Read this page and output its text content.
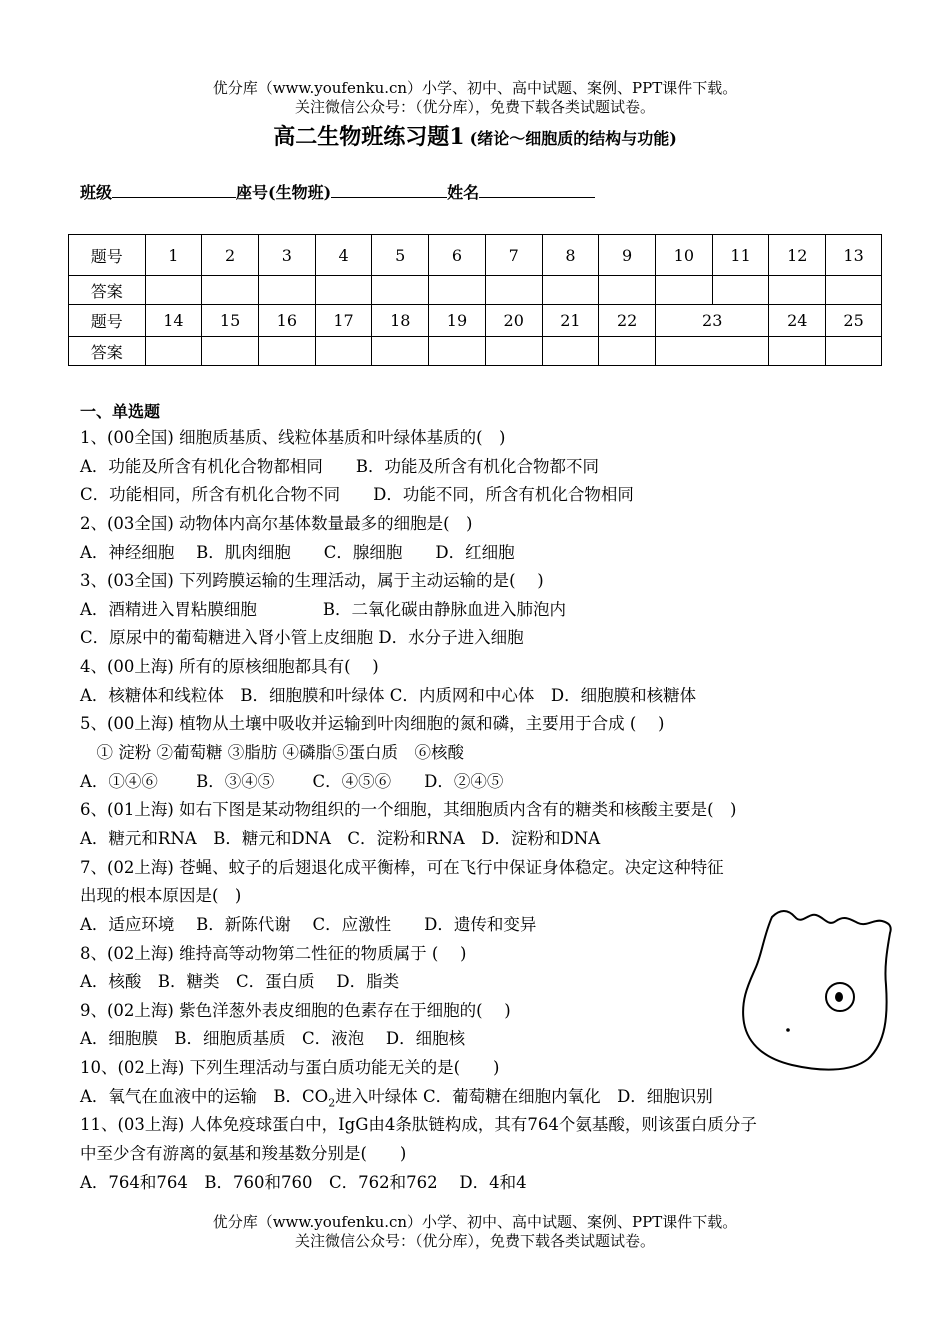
优分库（www.youfenku.cn）小学、初中、高中试题、案例、PPT课件下载。
关注微信公众号：（优分库），免费下载各类试题试卷。
高二生物班练习题1 (绪论～细胞质的结构与功能)
班级	座号(生物班)	姓名
题号	1	2	3	4	5	6	7	8	9	10	11	12	13
答案													
题号	14	15	16	17	18	19	20	21	22	23		24	25
答案													
一、单选题
1、(00全国) 细胞质基质、线粒体基质和叶绿体基质的(　)
A．功能及所含有机化合物都相同　　B．功能及所含有机化合物都不同
C．功能相同，所含有机化合物不同　　D．功能不同，所含有机化合物相同
2、(03全国) 动物体内高尔基体数量最多的细胞是(　)
A．神经细胞　 B．肌肉细胞　　C．腺细胞　　D．红细胞
3、(03全国) 下列跨膜运输的生理活动，属于主动运输的是(　 )
A．酒精进入胃粘膜细胞　　　　B．二氧化碳由静脉血进入肺泡内
C．原尿中的葡萄糖进入肾小管上皮细胞 D．水分子进入细胞
4、(00上海) 所有的原核细胞都具有(　 )
A．核糖体和线粒体　B．细胞膜和叶绿体 C．内质网和中心体　D．细胞膜和核糖体
5、(00上海) 植物从土壤中吸收并运输到叶肉细胞的氮和磷，主要用于合成 (　 )
　① 淀粉 ②葡萄糖 ③脂肪 ④磷脂⑤蛋白质　⑥核酸
A．①④⑥　　 B．③④⑤　　 C．④⑤⑥　　D．②④⑤
6、(01上海) 如右下图是某动物组织的一个细胞，其细胞质内含有的糖类和核酸主要是(　)
A．糖元和RNA　B．糖元和DNA　C．淀粉和RNA　D．淀粉和DNA
7、(02上海) 苍蝇、蚊子的后翅退化成平衡棒，可在飞行中保证身体稳定。决定这种特征
出现的根本原因是(　)
A．适应环境　 B．新陈代谢　 C．应激性　　D．遗传和变异
8、(02上海) 维持高等动物第二性征的物质属于 (　 )
A．核酸　B．糖类　C．蛋白质　 D．脂类
9、(02上海) 紫色洋葱外表皮细胞的色素存在于细胞的(　 )
A．细胞膜　B．细胞质基质　C．液泡　 D．细胞核
10、(02上海) 下列生理活动与蛋白质功能无关的是(　　)
A．氧气在血液中的运输　B．$CO_2$进入叶绿体 C．葡萄糖在细胞内氧化　D．细胞识别
11、(03上海) 人体免疫球蛋白中，IgG由4条肽链构成，其有764个氨基酸，则该蛋白质分子
中至少含有游离的氨基和羧基数分别是(　　)
A．764和764　B．760和760　C．762和762　 D．4和4
优分库（www.youfenku.cn）小学、初中、高中试题、案例、PPT课件下载。
关注微信公众号：（优分库），免费下载各类试题试卷。
